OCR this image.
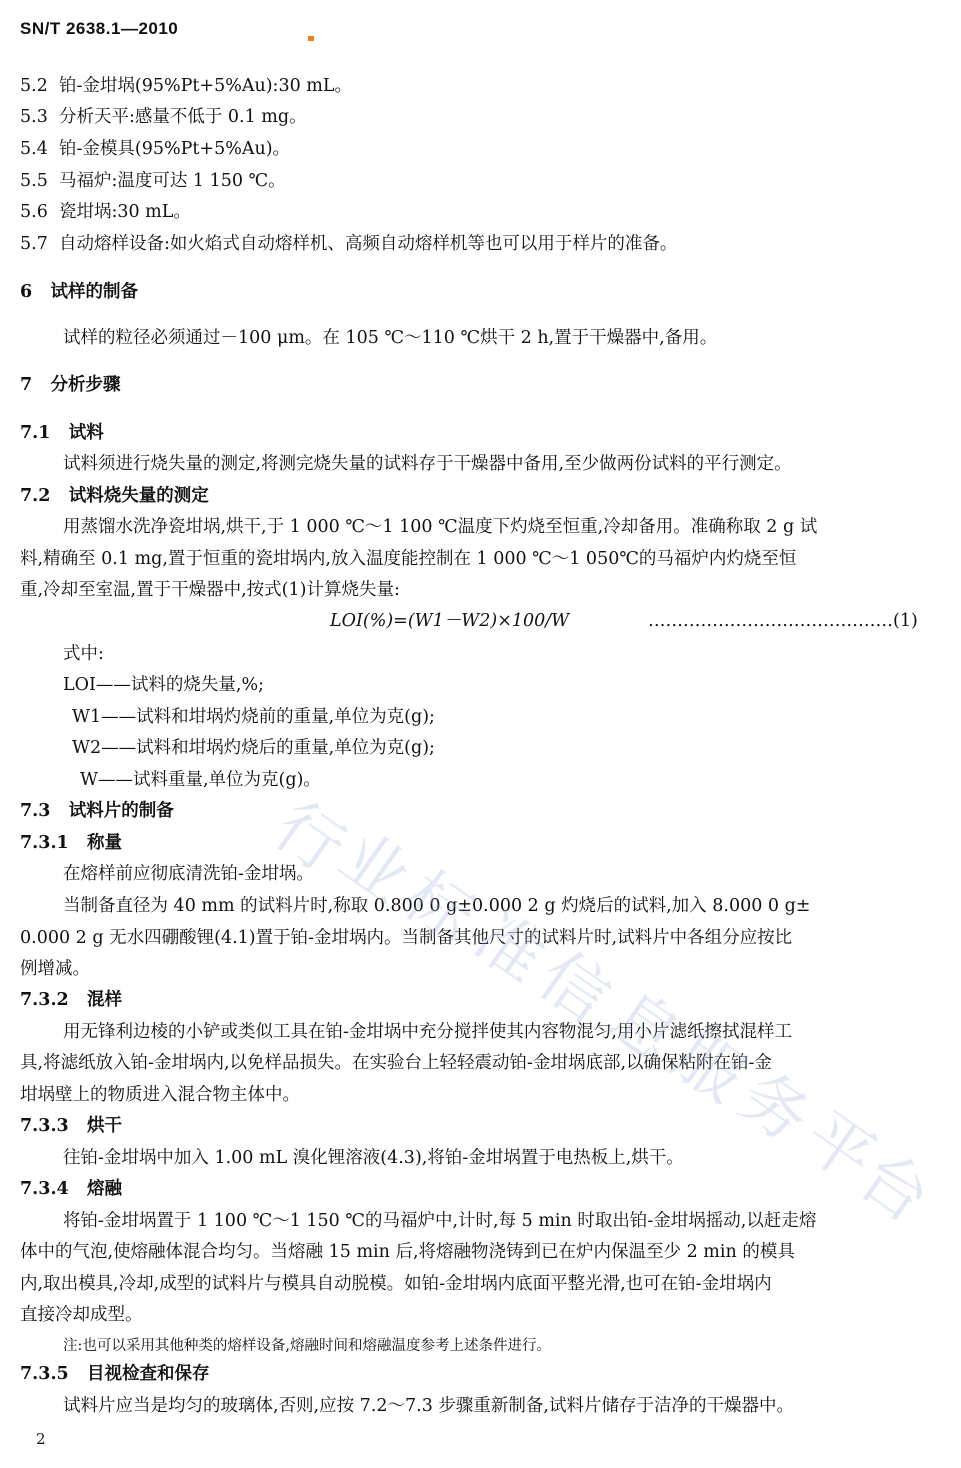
SN/T 2638.1—2010
5.2  铂-金坩埚(95%Pt+5%Au):30 mL。
5.3  分析天平:感量不低于 0.1 mg。
5.4  铂-金模具(95%Pt+5%Au)。
5.5  马福炉:温度可达 1 150 ℃。
5.6  瓷坩埚:30 mL。
5.7  自动熔样设备:如火焰式自动熔样机、高频自动熔样机等也可以用于样片的准备。
6   试样的制备
试样的粒径必须通过－100 μm。在 105 ℃～110 ℃烘干 2 h,置于干燥器中,备用。
7   分析步骤
7.1   试料
试料须进行烧失量的测定,将测完烧失量的试料存于干燥器中备用,至少做两份试料的平行测定。
7.2   试料烧失量的测定
用蒸馏水洗净瓷坩埚,烘干,于 1 000 ℃～1 100 ℃温度下灼烧至恒重,冷却备用。准确称取 2 g 试
料,精确至 0.1 mg,置于恒重的瓷坩埚内,放入温度能控制在 1 000 ℃～1 050℃的马福炉内灼烧至恒
重,冷却至室温,置于干燥器中,按式(1)计算烧失量:
LOI(%)=(W1－W2)×100/W	……………………………………(1)
式中:
LOI——试料的烧失量,%;
W1——试料和坩埚灼烧前的重量,单位为克(g);
W2——试料和坩埚灼烧后的重量,单位为克(g);
W——试料重量,单位为克(g)。
7.3   试料片的制备
7.3.1   称量
在熔样前应彻底清洗铂-金坩埚。
当制备直径为 40 mm 的试料片时,称取 0.800 0 g±0.000 2 g 灼烧后的试料,加入 8.000 0 g±
0.000 2 g 无水四硼酸锂(4.1)置于铂-金坩埚内。当制备其他尺寸的试料片时,试料片中各组分应按比
例增减。
7.3.2   混样
用无锋利边棱的小铲或类似工具在铂-金坩埚中充分搅拌使其内容物混匀,用小片滤纸擦拭混样工
具,将滤纸放入铂-金坩埚内,以免样品损失。在实验台上轻轻震动铂-金坩埚底部,以确保粘附在铂-金
坩埚壁上的物质进入混合物主体中。
7.3.3   烘干
往铂-金坩埚中加入 1.00 mL 溴化锂溶液(4.3),将铂-金坩埚置于电热板上,烘干。
7.3.4   熔融
将铂-金坩埚置于 1 100 ℃～1 150 ℃的马福炉中,计时,每 5 min 时取出铂-金坩埚摇动,以赶走熔
体中的气泡,使熔融体混合均匀。当熔融 15 min 后,将熔融物浇铸到已在炉内保温至少 2 min 的模具
内,取出模具,冷却,成型的试料片与模具自动脱模。如铂-金坩埚内底面平整光滑,也可在铂-金坩埚内
直接冷却成型。
注:也可以采用其他种类的熔样设备,熔融时间和熔融温度参考上述条件进行。
7.3.5   目视检查和保存
试料片应当是均匀的玻璃体,否则,应按 7.2～7.3 步骤重新制备,试料片储存于洁净的干燥器中。
2
行
业
标
准
信
息
服
务
平
台
